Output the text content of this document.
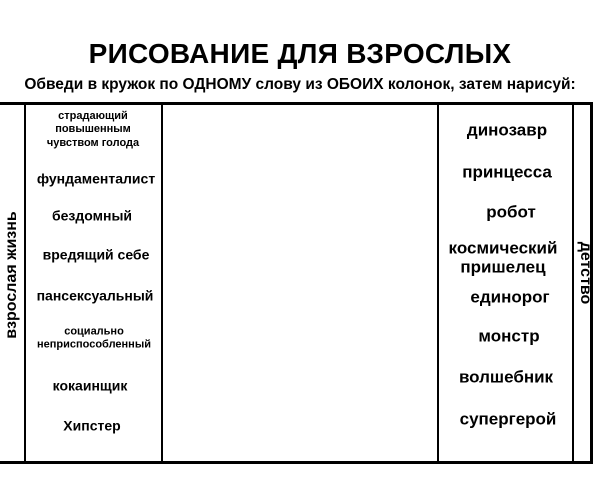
РИСОВАНИЕ ДЛЯ ВЗРОСЛЫХ
Обведи в кружок по ОДНОМУ слову из ОБОИХ колонок, затем нарисуй:
взрослая жизнь	детство
страдающий
повышенным
чувством голода
фундаменталист
бездомный
вредящий себе
пансексуальный
социально
неприспособленный
кокаинщик
Хипстер
динозавр
принцесса
робот
космический
пришелец
единорог
монстр
волшебник
супергерой
